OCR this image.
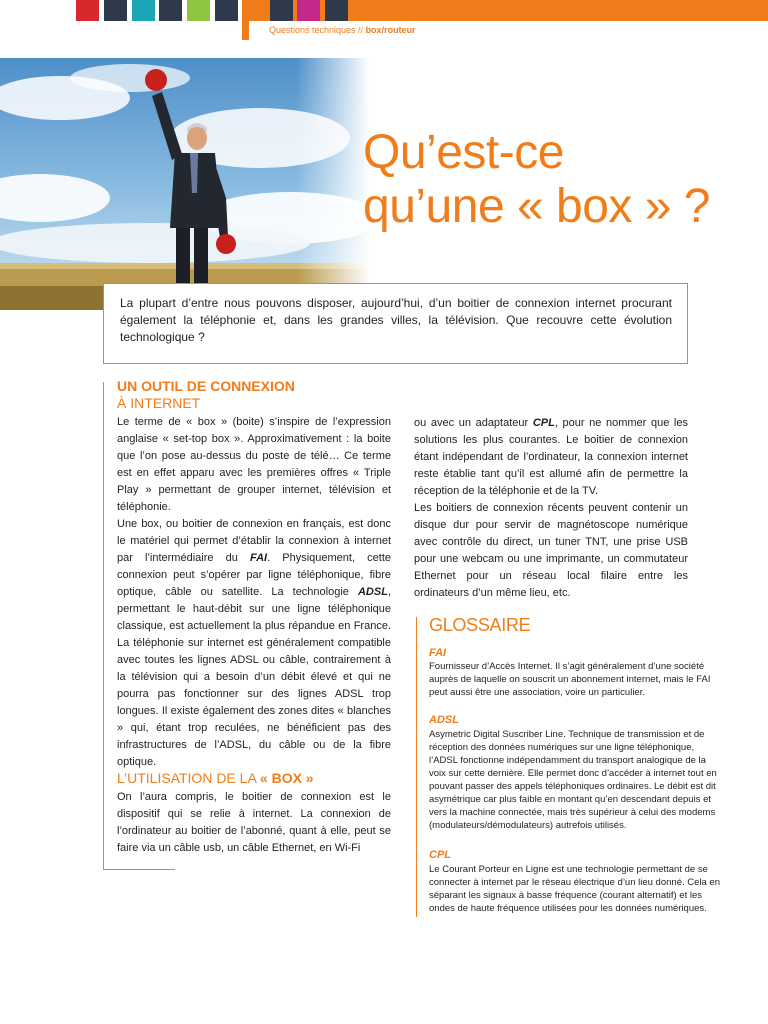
Questions techniques // box/routeur
Qu’est-ce
qu’une « box » ?
La plupart d’entre nous pouvons disposer, aujourd’hui, d’un boitier de connexion internet procurant également la téléphonie et, dans les grandes villes, la télévision. Que recouvre cette évolution technologique ?
UN OUTIL DE CONNEXION
À INTERNET
Le terme de « box » (boite) s’inspire de l’expression anglaise « set-top box ». Approximativement : la boite que l’on pose au-dessus du poste de télé… Ce terme est en effet apparu avec les premières offres « Triple Play » permettant de grouper internet, télévision et téléphonie.
Une box, ou boitier de connexion en français, est donc le matériel qui permet d’établir la connexion à internet par l’intermédiaire du FAI. Physiquement, cette connexion peut s’opérer par ligne téléphonique, fibre optique, câble ou satellite. La technologie ADSL, permettant le haut-débit sur une ligne téléphonique classique, est actuellement la plus répandue en France. La téléphonie sur internet est généralement compatible avec toutes les lignes ADSL ou câble, contrairement à la télévision qui a besoin d’un débit élevé et qui ne pourra pas fonctionner sur des lignes ADSL trop longues. Il existe également des zones dites « blanches » qui, étant trop reculées, ne bénéficient pas des infrastructures de l’ADSL, du câble ou de la fibre optique.
L’UTILISATION DE LA « BOX »
On l’aura compris, le boitier de connexion est le dispositif qui se relie à internet. La connexion de l’ordinateur au boitier de l’abonné, quant à elle, peut se faire via un câble usb, un câble Ethernet, en Wi-Fi
ou avec un adaptateur CPL, pour ne nommer que les solutions les plus courantes. Le boitier de connexion étant indépendant de l’ordinateur, la connexion internet reste établie tant qu’il est allumé afin de permettre la réception de la téléphonie et de la TV.
Les boitiers de connexion récents peuvent contenir un disque dur pour servir de magnétoscope numérique avec contrôle du direct, un tuner TNT, une prise USB pour une webcam ou une imprimante, un commutateur Ethernet pour un réseau local filaire entre les ordinateurs d’un même lieu, etc.
GLOSSAIRE
FAI
Fournisseur d’Accès Internet. Il s’agit généralement d’une société auprès de laquelle on souscrit un abonnement internet, mais le FAI peut aussi être une association, voire un particulier.
ADSL
Asymetric Digital Suscriber Line. Technique de transmission et de réception des données numériques sur une ligne téléphonique, l’ADSL fonctionne indépendamment du transport analogique de la voix sur cette dernière. Elle permet donc d’accéder à internet tout en pouvant passer des appels téléphoniques ordinaires. Le débit est dit asymétrique car plus faible en montant qu’en descendant depuis et vers la machine connectée, mais très supérieur à celui des modems (modulateurs/démodulateurs) autrefois utilisés.
CPL
Le Courant Porteur en Ligne est une technologie permettant de se connecter à internet par le réseau électrique d’un lieu donné. Cela en séparant les signaux à basse fréquence (courant alternatif) et les ondes de haute fréquence utilisées pour les données numériques.
